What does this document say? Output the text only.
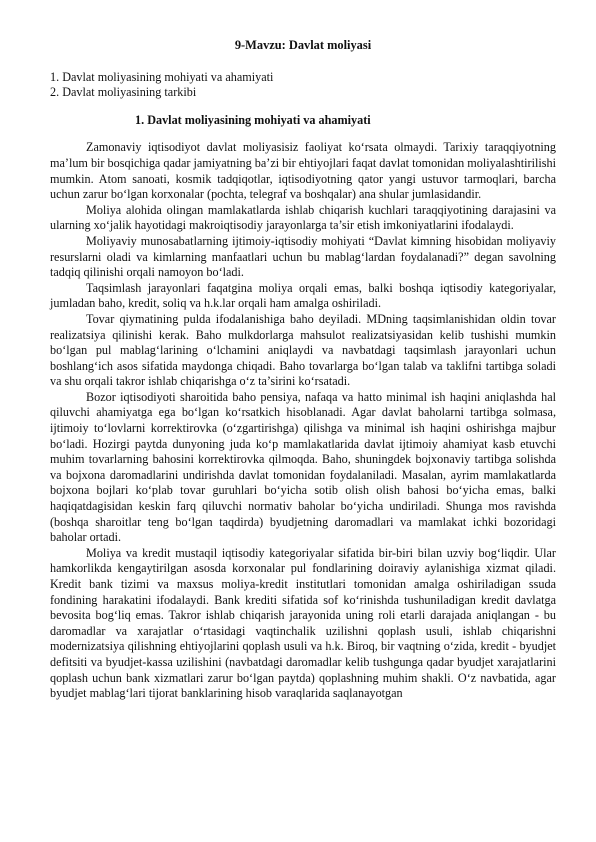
9-Mavzu: Davlat moliyasi
1. Davlat moliyasining mohiyati va ahamiyati
2. Davlat moliyasining tarkibi
1. Davlat moliyasining mohiyati va ahamiyati

Zamonaviy iqtisodiyot davlat moliyasisiz faoliyat ko‘rsata olmaydi. Tarixiy taraqqiyotning ma’lum bir bosqichiga qadar jamiyatning ba’zi bir ehtiyojlari faqat davlat tomonidan moliyalashtirilishi mumkin. Atom sanoati, kosmik tadqiqotlar, iqtisodiyotning qator yangi ustuvor tarmoqlari, barcha uchun zarur bo‘lgan korxonalar (pochta, telegraf va boshqalar) ana shular jumlasidandir.

Moliya alohida olingan mamlakatlarda ishlab chiqarish kuchlari taraqqiyotining darajasini va ularning xo‘jalik hayotidagi makroiqtisodiy jarayonlarga ta’sir etish imkoniyatlarini ifodalaydi.

Moliyaviy munosabatlarning ijtimoiy-iqtisodiy mohiyati “Davlat kimning hisobidan moliyaviy resurslarni oladi va kimlarning manfaatlari uchun bu mablag‘lardan foydalanadi?” degan savolning tadqiq qilinishi orqali namoyon bo‘ladi.

Taqsimlash jarayonlari faqatgina moliya orqali emas, balki boshqa iqtisodiy kategoriyalar, jumladan baho, kredit, soliq va h.k.lar orqali ham amalga oshiriladi.

Tovar qiymatining pulda ifodalanishiga baho deyiladi. MDning taqsimlanishidan oldin tovar realizatsiya qilinishi kerak. Baho mulkdorlarga mahsulot realizatsiyasidan kelib tushishi mumkin bo‘lgan pul mablag‘larining o‘lchamini aniqlaydi va navbatdagi taqsimlash jarayonlari uchun boshlang‘ich asos sifatida maydonga chiqadi. Baho tovarlarga bo‘lgan talab va taklifni tartibga soladi va shu orqali takror ishlab chiqarishga o‘z ta’sirini ko‘rsatadi.

Bozor iqtisodiyoti sharoitida baho pensiya, nafaqa va hatto minimal ish haqini aniqlashda hal qiluvchi ahamiyatga ega bo‘lgan ko‘rsatkich hisoblanadi. Agar davlat baholarni tartibga solmasa, ijtimoiy to‘lovlarni korrektirovka (o‘zgartirishga) qilishga va minimal ish haqini oshirishga majbur bo‘ladi. Hozirgi paytda dunyoning juda ko‘p mamlakatlarida davlat ijtimoiy ahamiyat kasb etuvchi muhim tovarlarning bahosini korrektirovka qilmoqda. Baho, shuningdek bojxonaviy tartibga solishda va bojxona daromadlarini undirishda davlat tomonidan foydalaniladi. Masalan, ayrim mamlakatlarda bojxona bojlari ko‘plab tovar guruhlari bo‘yicha sotib olish olish bahosi bo‘yicha emas, balki haqiqatdagisidan keskin farq qiluvchi normativ baholar bo‘yicha undiriladi. Shunga mos ravishda (boshqa sharoitlar teng bo‘lgan taqdirda) byudjetning daromadlari va mamlakat ichki bozoridagi baholar ortadi.

Moliya va kredit mustaqil iqtisodiy kategoriyalar sifatida bir-biri bilan uzviy bog‘liqdir. Ular hamkorlikda kengaytirilgan asosda korxonalar pul fondlarining doiraviy aylanishiga xizmat qiladi. Kredit bank tizimi va maxsus moliya-kredit institutlari tomonidan amalga oshiriladigan ssuda fondining harakatini ifodalaydi. Bank krediti sifatida sof ko‘rinishda tushuniladigan kredit davlatga bevosita bog‘liq emas. Takror ishlab chiqarish jarayonida uning roli etarli darajada aniqlangan - bu daromadlar va xarajatlar o‘rtasidagi vaqtinchalik uzilishni qoplash usuli, ishlab chiqarishni modernizatsiya qilishning ehtiyojlarini qoplash usuli va h.k. Biroq, bir vaqtning o‘zida, kredit - byudjet defitsiti va byudjet-kassa uzilishini (navbatdagi daromadlar kelib tushgunga qadar byudjet xarajatlarini qoplash uchun bank xizmatlari zarur bo‘lgan paytda) qoplashning muhim shakli. O‘z navbatida, agar byudjet mablag‘lari tijorat banklarining hisob varaqlarida saqlanayotgan
